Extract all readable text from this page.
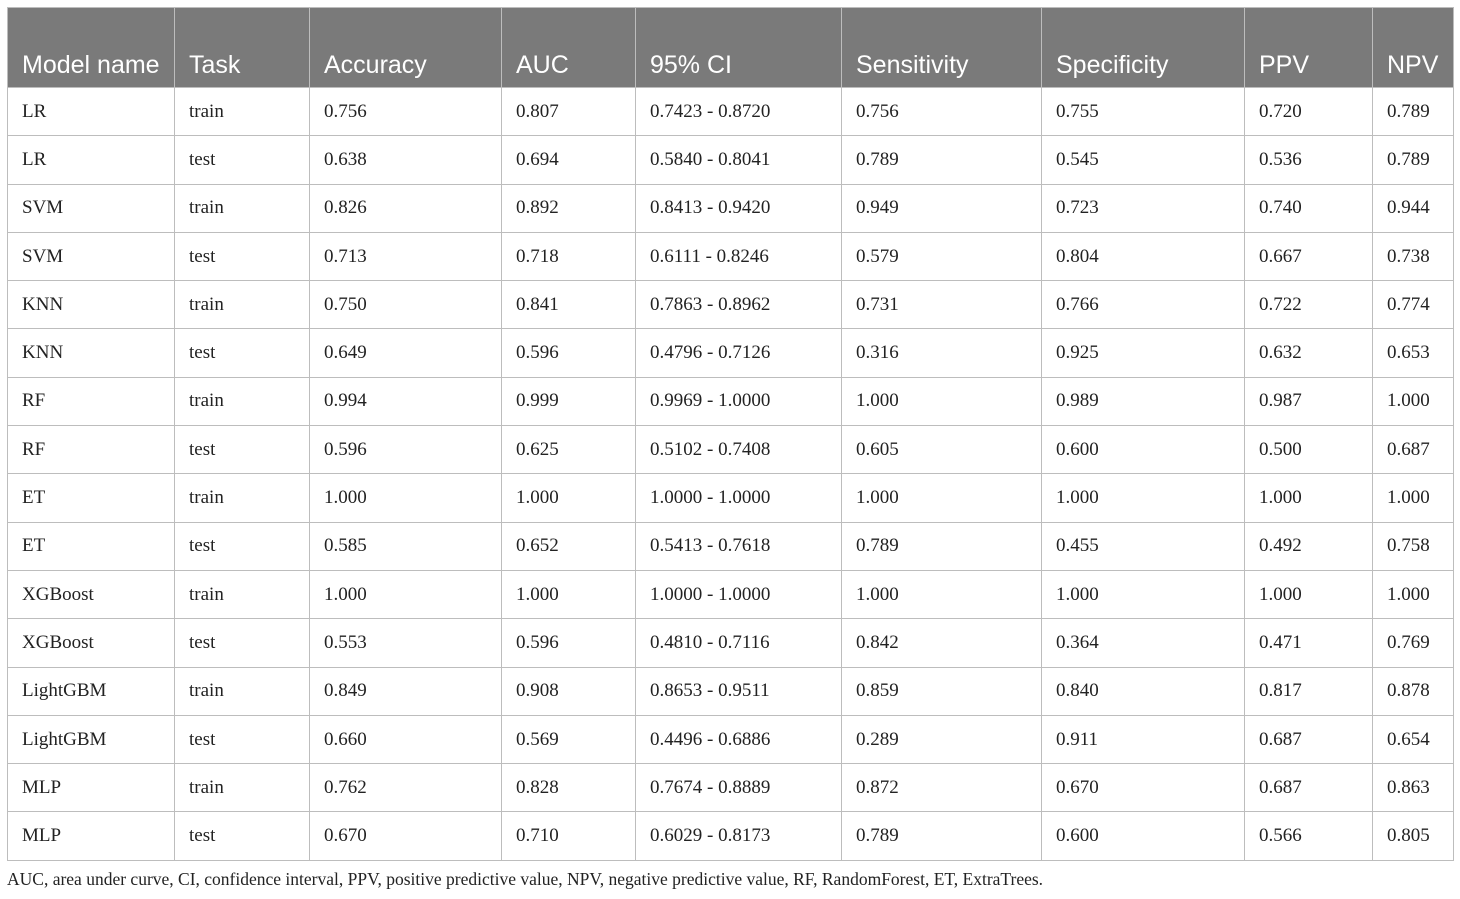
Model name	Task	Accuracy	AUC	95% CI	Sensitivity	Specificity	PPV	NPV
LR	train	0.756	0.807	0.7423 - 0.8720	0.756	0.755	0.720	0.789
LR	test	0.638	0.694	0.5840 - 0.8041	0.789	0.545	0.536	0.789
SVM	train	0.826	0.892	0.8413 - 0.9420	0.949	0.723	0.740	0.944
SVM	test	0.713	0.718	0.6111 - 0.8246	0.579	0.804	0.667	0.738
KNN	train	0.750	0.841	0.7863 - 0.8962	0.731	0.766	0.722	0.774
KNN	test	0.649	0.596	0.4796 - 0.7126	0.316	0.925	0.632	0.653
RF	train	0.994	0.999	0.9969 - 1.0000	1.000	0.989	0.987	1.000
RF	test	0.596	0.625	0.5102 - 0.7408	0.605	0.600	0.500	0.687
ET	train	1.000	1.000	1.0000 - 1.0000	1.000	1.000	1.000	1.000
ET	test	0.585	0.652	0.5413 - 0.7618	0.789	0.455	0.492	0.758
XGBoost	train	1.000	1.000	1.0000 - 1.0000	1.000	1.000	1.000	1.000
XGBoost	test	0.553	0.596	0.4810 - 0.7116	0.842	0.364	0.471	0.769
LightGBM	train	0.849	0.908	0.8653 - 0.9511	0.859	0.840	0.817	0.878
LightGBM	test	0.660	0.569	0.4496 - 0.6886	0.289	0.911	0.687	0.654
MLP	train	0.762	0.828	0.7674 - 0.8889	0.872	0.670	0.687	0.863
MLP	test	0.670	0.710	0.6029 - 0.8173	0.789	0.600	0.566	0.805
AUC, area under curve, CI, confidence interval, PPV, positive predictive value, NPV, negative predictive value, RF, RandomForest, ET, ExtraTrees.
